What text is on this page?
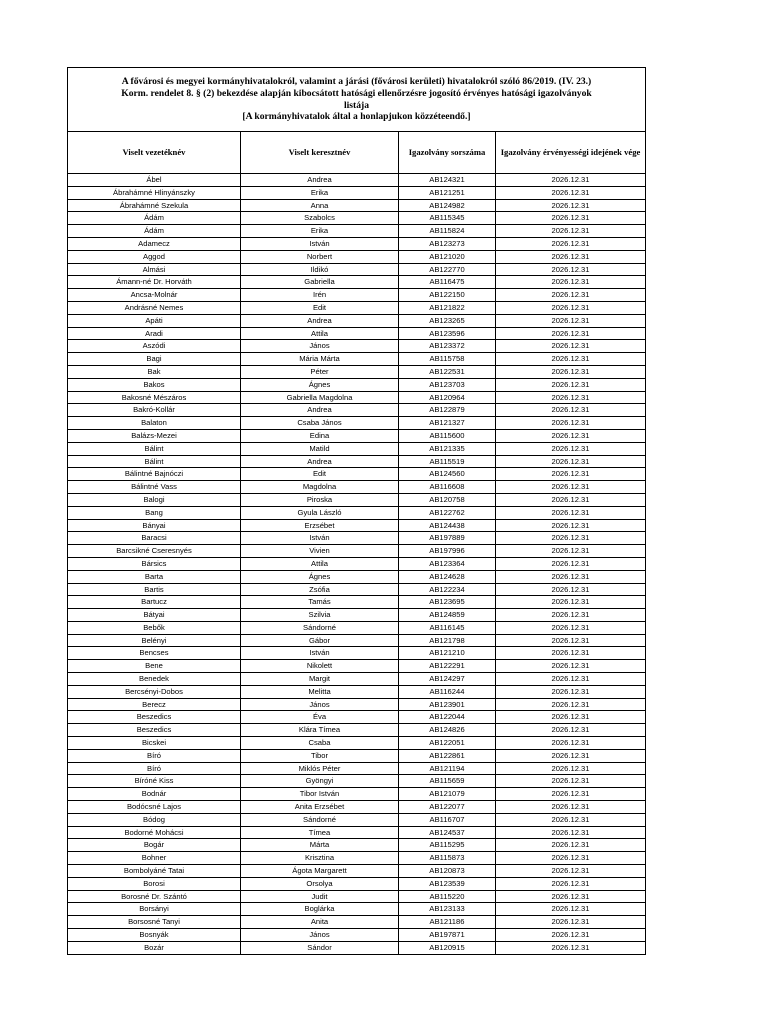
A fővárosi és megyei kormányhivatalokról, valamint a járási (fővárosi kerületi) hivatalokról szóló 86/2019. (IV. 23.)
Korm. rendelet 8. § (2) bekezdése alapján kibocsátott hatósági ellenőrzésre jogosító érvényes hatósági igazolványok
listája
[A kormányhivatalok által a honlapjukon közzéteendő.]			

Viselt vezetéknév	Viselt keresztnév	Igazolvány sorszáma	Igazolvány érvényességi idejének vége
Ábel	Andrea	AB124321	2026.12.31
Ábrahámné Hlinyánszky	Erika	AB121251	2026.12.31
Ábrahámné Szekula	Anna	AB124982	2026.12.31
Ádám	Szabolcs	AB115345	2026.12.31
Ádám	Erika	AB115824	2026.12.31
Adamecz	István	AB123273	2026.12.31
Aggod	Norbert	AB121020	2026.12.31
Almási	Ildikó	AB122770	2026.12.31
Ámann-né Dr. Horváth	Gabriella	AB116475	2026.12.31
Ancsa-Molnár	Irén	AB122150	2026.12.31
Andrásné Nemes	Edit	AB121822	2026.12.31
Apáti	Andrea	AB123265	2026.12.31
Aradi	Attila	AB123596	2026.12.31
Aszódi	János	AB123372	2026.12.31
Bagi	Mária Márta	AB115758	2026.12.31
Bak	Péter	AB122531	2026.12.31
Bakos	Ágnes	AB123703	2026.12.31
Bakosné Mészáros	Gabriella Magdolna	AB120964	2026.12.31
Bakró-Kollár	Andrea	AB122879	2026.12.31
Balaton	Csaba János	AB121327	2026.12.31
Balázs-Mezei	Edina	AB115600	2026.12.31
Bálint	Matild	AB121335	2026.12.31
Bálint	Andrea	AB115519	2026.12.31
Bálintné Bajnóczi	Edit	AB124560	2026.12.31
Bálintné Vass	Magdolna	AB116608	2026.12.31
Balogi	Piroska	AB120758	2026.12.31
Bang	Gyula László	AB122762	2026.12.31
Bányai	Erzsébet	AB124438	2026.12.31
Baracsi	István	AB197889	2026.12.31
Barcsikné Cseresnyés	Vivien	AB197996	2026.12.31
Bársics	Attila	AB123364	2026.12.31
Barta	Ágnes	AB124628	2026.12.31
Bartis	Zsófia	AB122234	2026.12.31
Bartucz	Tamás	AB123695	2026.12.31
Bátyai	Szilvia	AB124859	2026.12.31
Bebők	Sándorné	AB116145	2026.12.31
Belényi	Gábor	AB121798	2026.12.31
Bencses	István	AB121210	2026.12.31
Bene	Nikolett	AB122291	2026.12.31
Benedek	Margit	AB124297	2026.12.31
Bercsényi-Dobos	Melitta	AB116244	2026.12.31
Berecz	János	AB123901	2026.12.31
Beszedics	Éva	AB122044	2026.12.31
Beszedics	Klára Tímea	AB124826	2026.12.31
Bicskei	Csaba	AB122051	2026.12.31
Bíró	Tibor	AB122861	2026.12.31
Bíró	Miklós Péter	AB121194	2026.12.31
Bíróné Kiss	Gyöngyi	AB115659	2026.12.31
Bodnár	Tibor István	AB121079	2026.12.31
Bodócsné Lajos	Anita Erzsébet	AB122077	2026.12.31
Bódog	Sándorné	AB116707	2026.12.31
Bodorné Mohácsi	Tímea	AB124537	2026.12.31
Bogár	Márta	AB115295	2026.12.31
Bohner	Krisztina	AB115873	2026.12.31
Bombolyáné Tatai	Ágota Margarett	AB120873	2026.12.31
Borosi	Orsolya	AB123539	2026.12.31
Borosné Dr. Szántó	Judit	AB115220	2026.12.31
Borsányi	Boglárka	AB123133	2026.12.31
Borsosné Tanyi	Anita	AB121186	2026.12.31
Bosnyák	János	AB197871	2026.12.31
Bozár	Sándor	AB120915	2026.12.31
